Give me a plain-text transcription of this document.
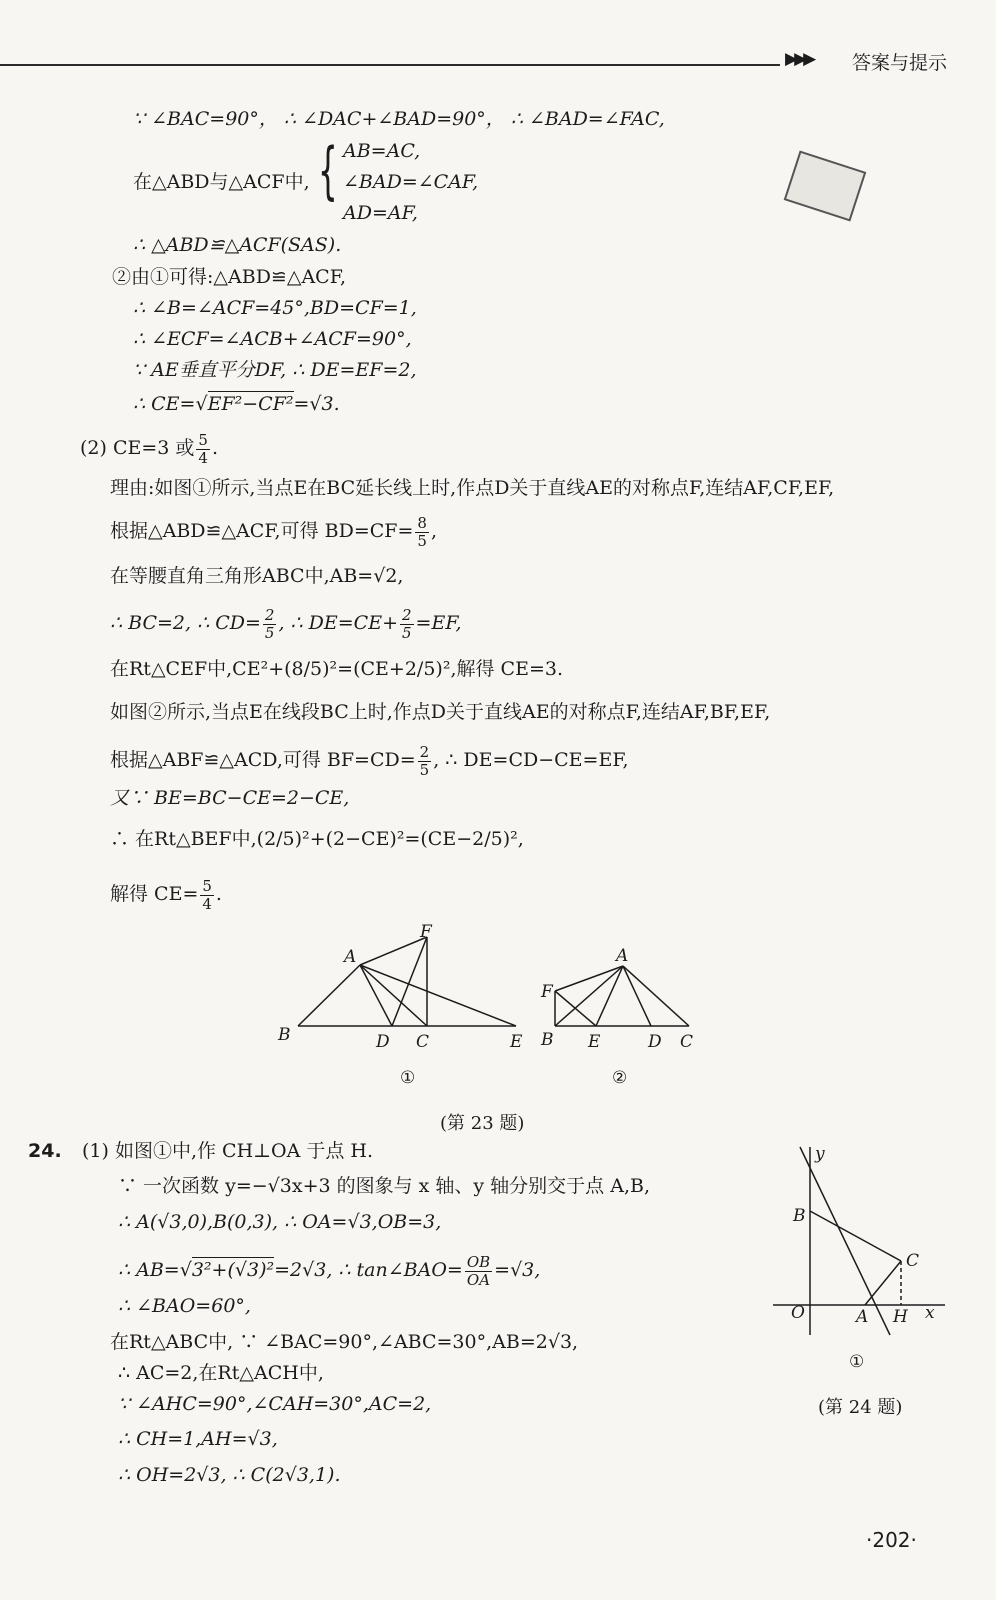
▶▶▶ 答案与提示
∵ ∠BAC=90°， ∴ ∠DAC+∠BAD=90°， ∴ ∠BAD=∠FAC,
在△ABD与△ACF中, { AB=AC,
∠BAD=∠CAF,
AD=AF,
∴ △ABD≌△ACF(SAS).
②由①可得:△ABD≌△ACF,
∴ ∠B=∠ACF=45°,BD=CF=1,
∴ ∠ECF=∠ACB+∠ACF=90°,
∵ AE垂直平分DF, ∴ DE=EF=2,
∴ CE=√EF²−CF²=√3.
(2) CE=3 或 $\frac{5}{4}$ .
理由:如图①所示,当点E在BC延长线上时,作点D关于直线AE的对称点F,连结AF,CF,EF,
根据△ABD≌△ACF,可得 $BD=CF= \frac{8}{5}$ ,
在等腰直角三角形ABC中,AB=√2,
∴ BC=2, ∴ $CD= \frac{2}{5}$ , ∴ $DE=CE+ \frac{2}{5} =EF$,
在Rt△CEF中,CE²+(8/5)²=(CE+2/5)²,解得 CE=3.
如图②所示,当点E在线段BC上时,作点D关于直线AE的对称点F,连结AF,BF,EF,
根据△ABF≌△ACD,可得 $BF=CD= \frac{2}{5}$ , ∴ DE=CD−CE=EF,
又∵ BE=BC−CE=2−CE,
∴ 在Rt△BEF中,(2/5)²+(2−CE)²=(CE−2/5)²,
解得 $CE= \frac{5}{4}$ .
A
B	C
D	E
F
A
B	C
D
E
F
①	②
(第 23 题)
24. (1) 如图①中,作 CH⊥OA 于点 H.
∵ 一次函数 y=−√3x+3 的图象与 x 轴、y 轴分别交于点 A,B,
∴ A(√3,0),B(0,3), ∴ OA=√3,OB=3,
∴ AB=√3²+(√3)²=2√3, ∴ tan∠BAO= $\frac{OB}{OA} =√3$,
∴ ∠BAO=60°,
在Rt△ABC中, ∵ ∠BAC=90°,∠ABC=30°,AB=2√3,
∴ AC=2,在Rt△ACH中,
∵ ∠AHC=90°,∠CAH=30°,AC=2,
∴ CH=1,AH=√3,
∴ OH=2√3, ∴ C(2√3,1).
y
B
C
O	A H x
①
(第 24 题)
·202·
